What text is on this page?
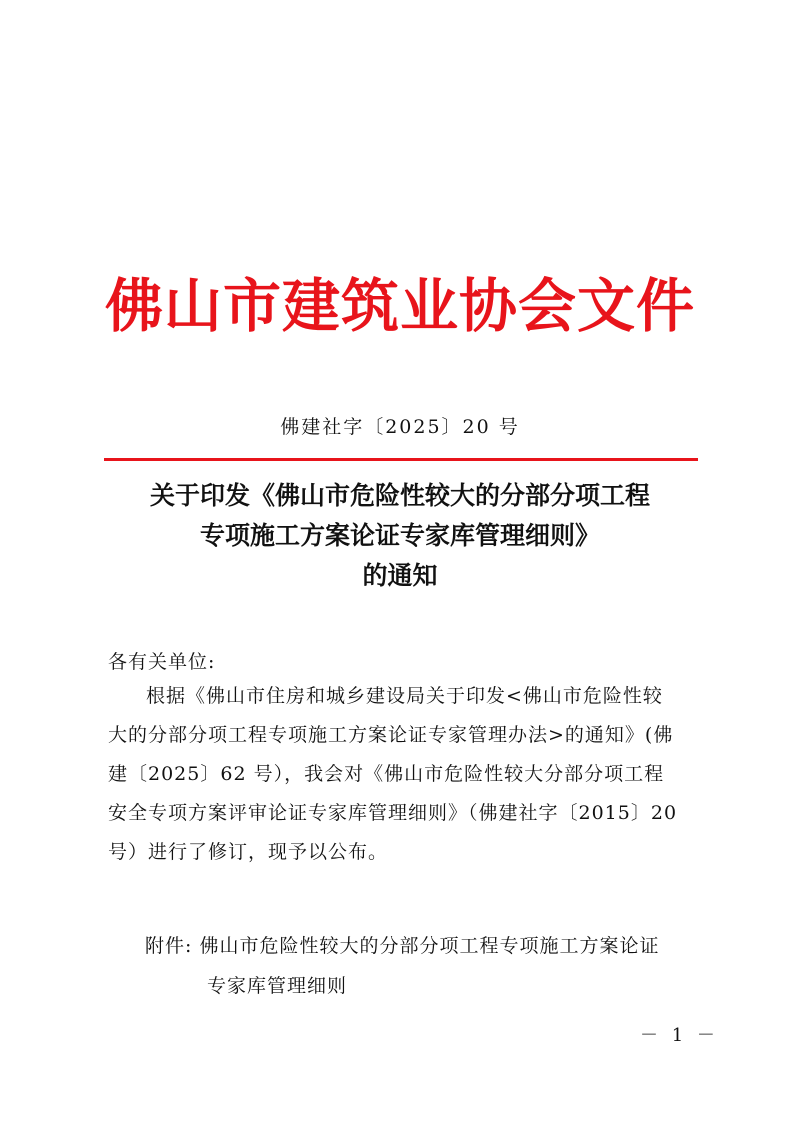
佛山市建筑业协会文件
佛建社字〔2025〕20 号
关于印发《佛山市危险性较大的分部分项工程
专项施工方案论证专家库管理细则》
的通知
各有关单位:
根据《佛山市住房和城乡建设局关于印发<佛山市危险性较
大的分部分项工程专项施工方案论证专家管理办法>的通知》(佛
建〔2025〕62 号），我会对《佛山市危险性较大分部分项工程
安全专项方案评审论证专家库管理细则》（佛建社字〔2015〕20
号）进行了修订，现予以公布。
附件: 佛山市危险性较大的分部分项工程专项施工方案论证
专家库管理细则
－ 1 －
